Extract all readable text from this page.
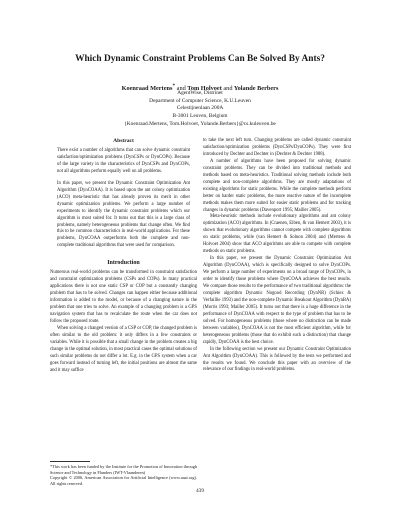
Which Dynamic Constraint Problems Can Be Solved By Ants?
Koenraad Mertens* and Tom Holvoet and Yolande Berbers
AgentWise, Distrinet
Department of Computer Science, K.U.Leuven
Celestijnenlaan 200A
B-3001 Leuven, Belgium
{Koenraad.Mertens, Tom.Holvoet, Yolande.Berbers}@cs.kuleuven.be
Abstract

There exist a number of algorithms that can solve dynamic constraint satisfaction/optimization problems (DynCSPs or DynCOPs). Because of the large variety in the characteristics of DynCSPs and DynCOPs, not all algorithms perform equally well on all problems.

In this paper, we present the Dynamic Constraint Optimization Ant Algorithm (DynCOAA). It is based upon the ant colony optimization (ACO) meta-heuristic that has already proven its merit in other dynamic optimization problems. We perform a large number of experiments to identify the dynamic constraint problems which our algorithm is most suited for. It turns out that this is a large class of problems, namely heterogeneous problems that change often. We find this to be common characteristics in real-world applications. For these problems, DynCOAA outperforms both the complete and non-complete traditional algorithms that were used for comparison.

Introduction

Numerous real-world problems can be transformed in constraint satisfaction and constraint optimization problems (CSPs and COPs). In many practical applications there is not one static CSP or COP but a constantly changing problem that has to be solved. Changes can happen either because additional information is added to the model, or because of a changing nature in the problem that one tries to solve. An example of a changing problem is a GPS navigation system that has to recalculate the route when the car does not follow the proposed route.

When solving a changed version of a CSP or COP, the changed problem is often similar to the old problem: it only differs in a few constraints or variables. While it is possible that a small change in the problem creates a big change in the optimal solution, in most practical cases the optimal solutions of such similar problems do not differ a lot. E.g. in the GPS system when a car goes forward instead of turning left, the initial positions are almost the same and it may suffice

to take the next left turn. Changing problems are called dynamic constraint satisfaction/optimization problems (DynCSPs/DynCOPs). They were first introduced by Dechter and Dechter in (Dechter & Dechter 1988).

A number of algorithms have been proposed for solving dynamic constraint problems. They can be divided into traditional methods and methods based on meta-heuristics. Traditional solving methods include both complete and non-complete algorithms. They are mostly adaptations of existing algorithms for static problems. While the complete methods perform better on harder static problems, the more reactive nature of the incomplete methods makes them more suited for easier static problems and for tracking changes in dynamic problems (Davenport 1995; Mailler 2005).

Meta-heuristic methods include evolutionary algorithms and ant colony optimization (ACO) algorithms. In (Craenen, Eiben, & van Hemert 2003), it is shown that evolutionary algorithms cannot compete with complete algorithms on static problems, while (van Hemert & Solnon 2004) and (Mertens & Holvoet 2004) show that ACO algorithms are able to compete with complete methods on static problems.

In this paper, we present the Dynamic Constraint Optimization Ant Algorithm (DynCOAA), which is specifically designed to solve DynCOPs. We perform a large number of experiments on a broad range of DynCOPs, in order to identify those problems where DynCOAA achieves the best results. We compare those results to the performance of two traditional algorithms: the complete algorithm Dynamic Nogood Recording (DynNR) (Schiex & Verfaillie 1993) and the non-complete Dynamic Breakout Algorithm (DynBA) (Morris 1993; Mailler 2005). It turns out that there is a huge difference in the performance of DynCOAA with respect to the type of problem that has to be solved. For homogeneous problems (those where no distinction can be made between variables), DynCOAA is not the most efficient algorithm, while for heterogeneous problems (those that do exhibit such a distinction) that change rapidly, DynCOAA is the best choice.

In the following section we present our Dynamic Constraint Optimization Ant Algorithm (DynCOAA). This is followed by the tests we performed and the results we found. We conclude this paper with an overview of the relevance of our findings in real-world problems.

*This work has been funded by the Institute for the Promotion of Innovation through Science and Technology in Flanders (IWT-Vlaanderen)

Copyright © 2006, American Association for Artificial Intelligence (www.aaai.org). All rights reserved.

439
